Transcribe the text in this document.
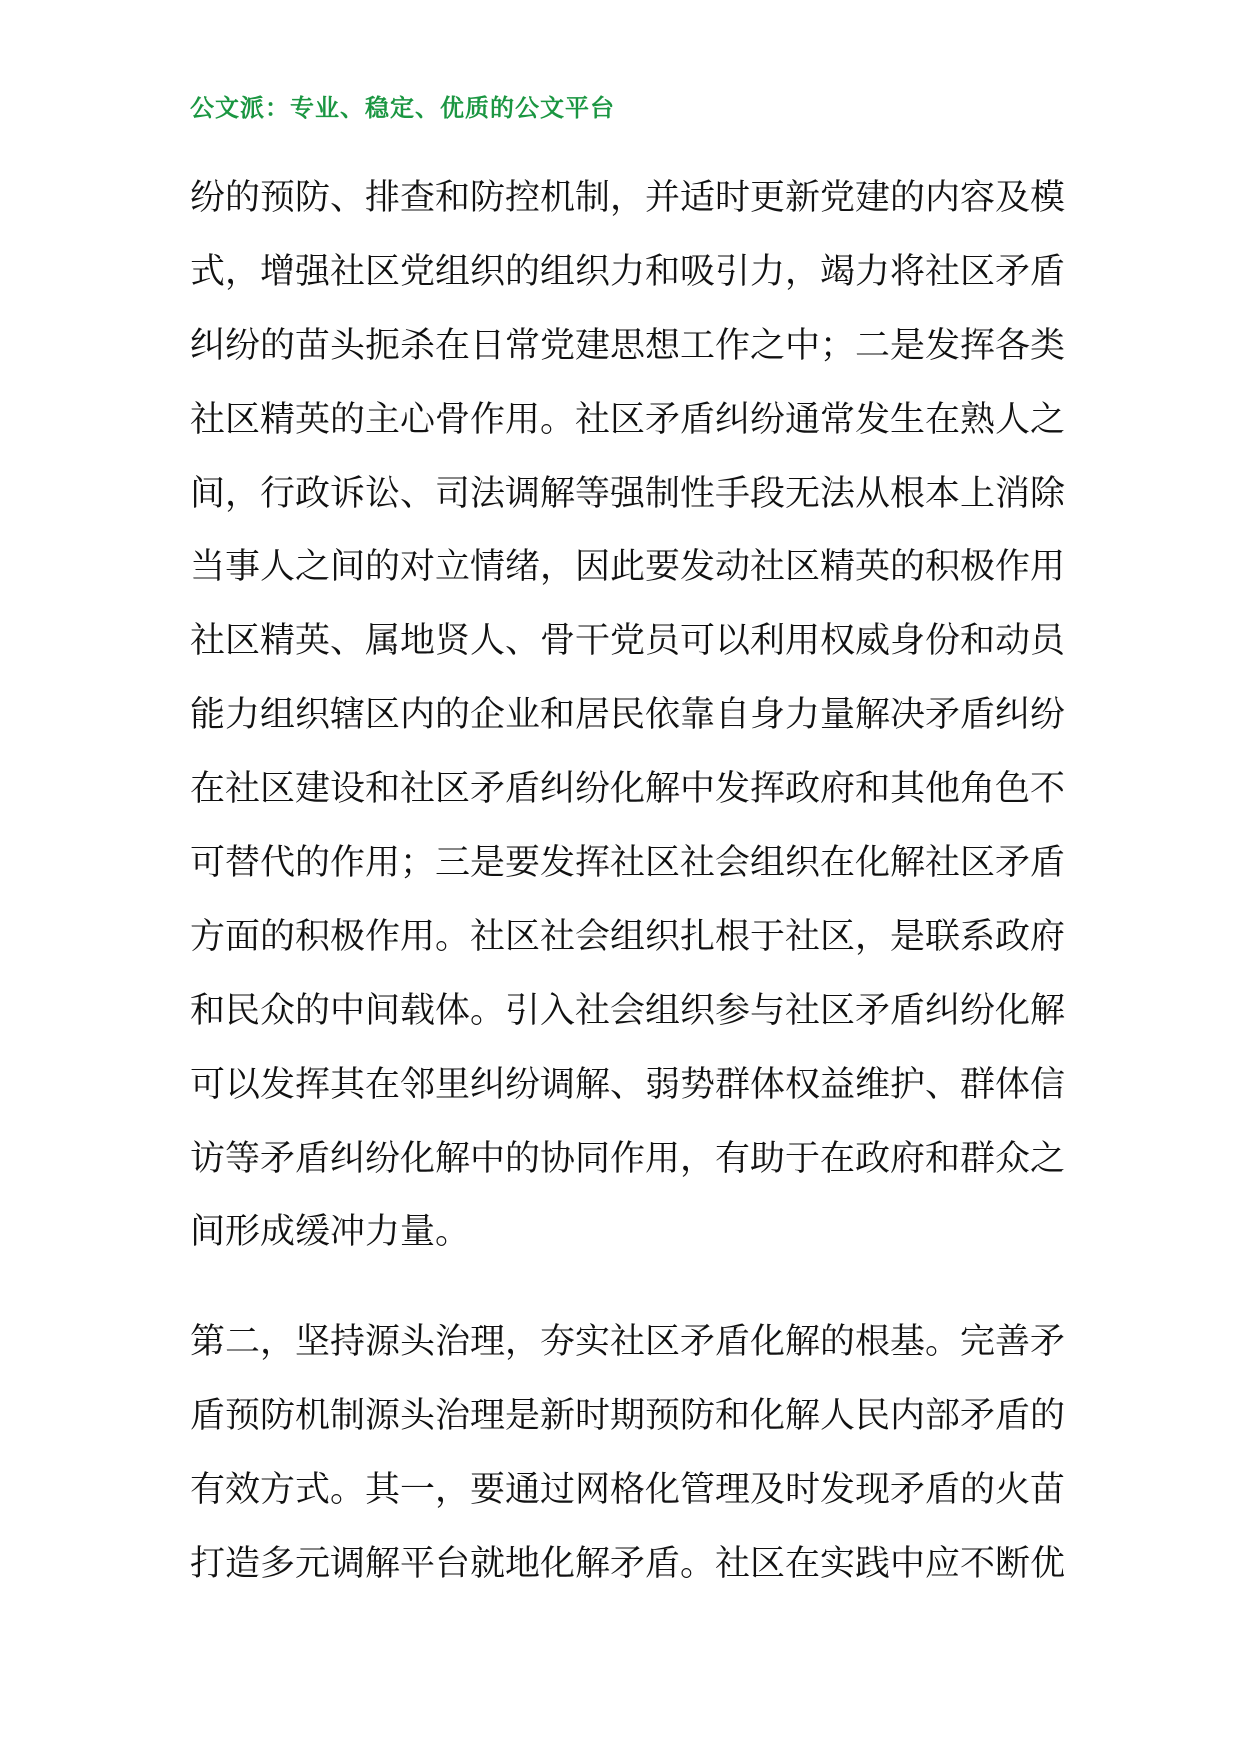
公文派：专业、稳定、优质的公文平台
纷的预防、排查和防控机制，并适时更新党建的内容及模
式，增强社区党组织的组织力和吸引力，竭力将社区矛盾
纠纷的苗头扼杀在日常党建思想工作之中；二是发挥各类
社区精英的主心骨作用。社区矛盾纠纷通常发生在熟人之
间，行政诉讼、司法调解等强制性手段无法从根本上消除
当事人之间的对立情绪，因此要发动社区精英的积极作用
社区精英、属地贤人、骨干党员可以利用权威身份和动员
能力组织辖区内的企业和居民依靠自身力量解决矛盾纠纷
在社区建设和社区矛盾纠纷化解中发挥政府和其他角色不
可替代的作用；三是要发挥社区社会组织在化解社区矛盾
方面的积极作用。社区社会组织扎根于社区，是联系政府
和民众的中间载体。引入社会组织参与社区矛盾纠纷化解
可以发挥其在邻里纠纷调解、弱势群体权益维护、群体信
访等矛盾纠纷化解中的协同作用，有助于在政府和群众之
间形成缓冲力量。
第二，坚持源头治理，夯实社区矛盾化解的根基。完善矛
盾预防机制源头治理是新时期预防和化解人民内部矛盾的
有效方式。其一，要通过网格化管理及时发现矛盾的火苗
打造多元调解平台就地化解矛盾。社区在实践中应不断优
